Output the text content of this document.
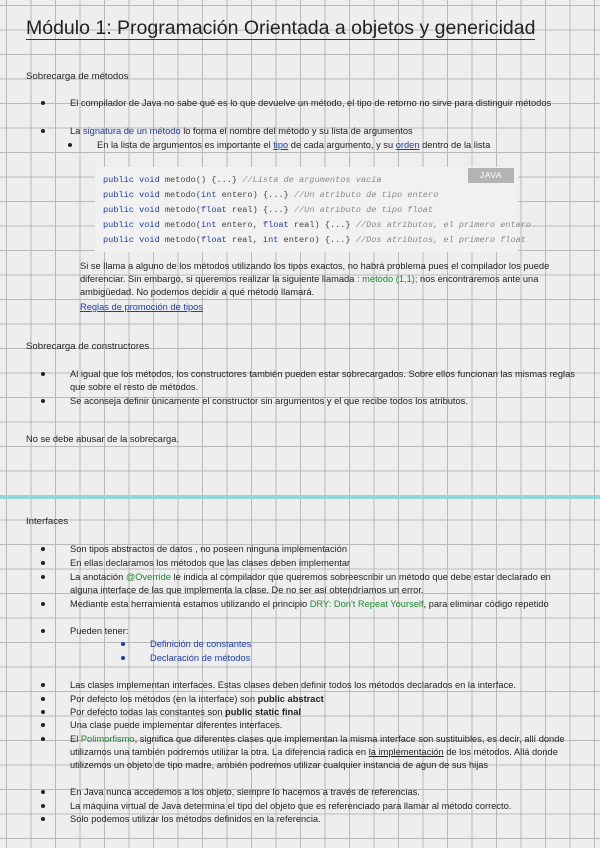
Módulo 1: Programación Orientada a objetos y genericidad
Sobrecarga de métodos
El compilador de Java no sabe qué es lo que devuelve un método, el tipo de retorno no sirve para distinguir métodos
La signatura de un método lo forma el nombre del método y su lista de argumentos
En la lista de argumentos es importante el tipo de cada argumento, y su orden dentro de la lista
JAVA
public void metodo() {...} //Lista de argumentos vacía
public void metodo(int entero) {...} //Un atributo de tipo entero
public void metodo(float real) {...} //Un atributo de tipo float
public void metodo(int entero, float real) {...} //Dos atributos, el primero entero
public void metodo(float real, int entero) {...} //Dos atributos, el primero float
Si se llama a alguno de los métodos utilizando los tipos exactos, no habrá problema pues el compilador los puede diferenciar. Sin embargo, si queremos realizar la siguiente llamada : metodo (1,1); nos encontraremos ante una ambigüedad. No podemos decidir a qué método llamará.
Reglas de promoción de tipos
Sobrecarga de constructores
Al igual que los métodos, los constructores también pueden estar sobrecargados. Sobre ellos funcionan las mismas reglas que sobre el resto de métodos.
Se aconseja definir únicamente el constructor sin argumentos y el que recibe todos los atributos.
No se debe abusar de la sobrecarga.
Interfaces
Son tipos abstractos de datos , no poseen ninguna implementación
En ellas declaramos los métodos que las clases deben implementar
La anotación @Override le indica al compilador que queremos sobreescribir un método que debe estar declarado en alguna interface de las que implementa la clase. De no ser así obtendríamos un error.
Mediante esta herramienta estamos utilizando el principio DRY: Don't Repeat Yourself, para eliminar código repetido
Pueden tener:
Definición de constantes
Declaración de métodos
Las clases implementan interfaces. Estas clases deben definir todos los métodos declarados en la interface.
Por defecto los métodos (en la interface) son public abstract
Por defecto todas las constantes son public static final
Una clase puede implementar diferentes interfaces.
El Polimorfismo, significa que diferentes clases que implementan la misma interface son sustituibles, es decir, allí donde utilizamos una también podremos utilizar la otra. La diferencia radica en la implementación de los métodos. Allá donde utilizemos un objeto de tipo madre, ambién podremos utilizar cualquier instancia de agun de sus hijas
En Java nunca accedemos a los objeto, siempre lo hacemos a través de referencias.
La máquina virtual de Java determina el tipo del objeto que es referenciado para llamar al método correcto.
Solo podemos utilizar los métodos definidos en la referencia.
